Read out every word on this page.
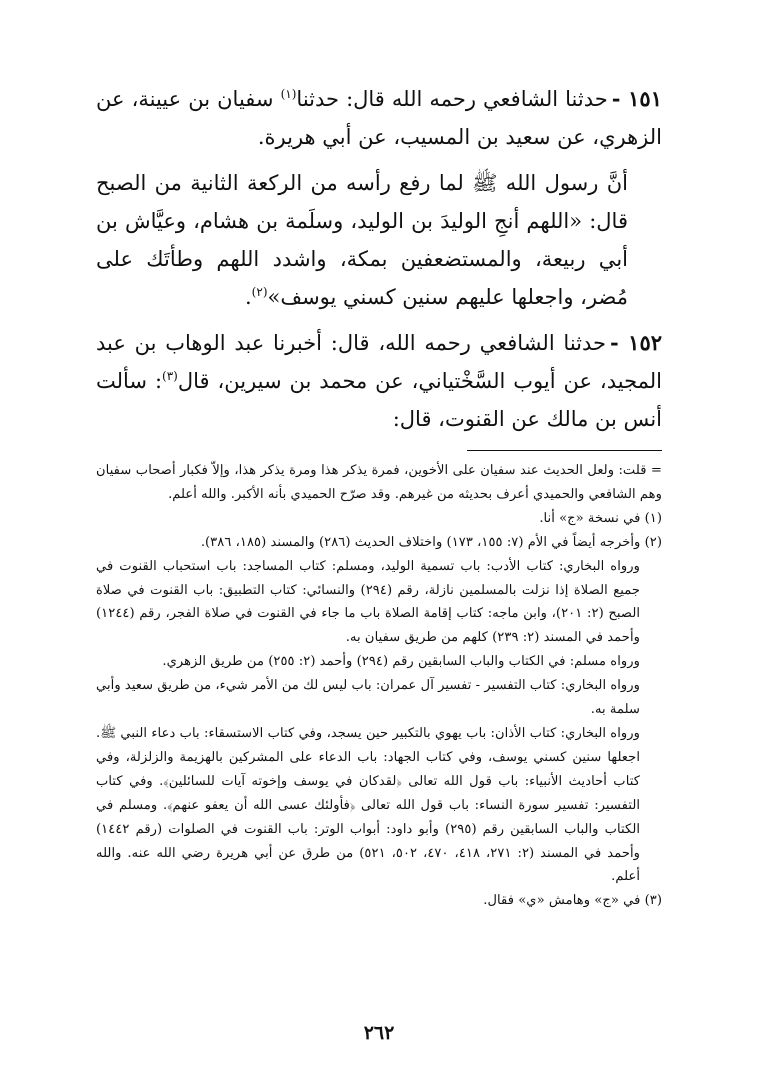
١٥١ -حدثنا الشافعي رحمه الله قال: حدثنا$^{(١)}$ سفيان بن عيينة، عن الزهري، عن سعيد بن المسيب، عن أبي هريرة.

أنَّ رسول الله ﷺ لما رفع رأسه من الركعة الثانية من الصبح قال: «اللهم أنجِ الوليدَ بن الوليد، وسلَمة بن هشام، وعيَّاش بن أبي ربيعة، والمستضعفين بمكة، واشدد اللهم وطأتَك على مُضر، واجعلها عليهم سنين كسني يوسف»$^{(٢)}$.

١٥٢ -حدثنا الشافعي رحمه الله، قال: أخبرنا عبد الوهاب بن عبد المجيد، عن أيوب السَّخْتياني، عن محمد بن سيرين، قال$^{(٣)}$: سألت أنس بن مالك عن القنوت، قال:

= قلت: ولعل الحديث عند سفيان على الأخوين، فمرة يذكر هذا ومرة يذكر هذا، وإلاّ فكبار أصحاب سفيان وهم الشافعي والحميدي أعرف بحديثه من غيرهم. وقد صرّح الحميدي بأنه الأكبر. والله أعلم.

(١) في نسخة «ج» أنا.

(٢) وأخرجه أيضاً في الأم (٧: ١٥٥، ١٧٣) واختلاف الحديث (٢٨٦) والمسند (١٨٥، ٣٨٦).

ورواه البخاري: كتاب الأدب: باب تسمية الوليد، ومسلم: كتاب المساجد: باب استحباب القنوت في جميع الصلاة إذا نزلت بالمسلمين نازلة، رقم (٢٩٤) والنسائي: كتاب التطبيق: باب القنوت في صلاة الصبح (٢: ٢٠١)، وابن ماجه: كتاب إقامة الصلاة باب ما جاء في القنوت في صلاة الفجر، رقم (١٢٤٤) وأحمد في المسند (٢: ٢٣٩) كلهم من طريق سفيان به.

ورواه مسلم: في الكتاب والباب السابقين رقم (٢٩٤) وأحمد (٢: ٢٥٥) من طريق الزهري.

ورواه البخاري: كتاب التفسير - تفسير آل عمران: باب ليس لك من الأمر شيء، من طريق سعيد وأبي سلمة به.

ورواه البخاري: كتاب الأذان: باب يهوي بالتكبير حين يسجد، وفي كتاب الاستسقاء: باب دعاء النبي ﷺ. اجعلها سنين كسني يوسف، وفي كتاب الجهاد: باب الدعاء على المشركين بالهزيمة والزلزلة، وفي كتاب أحاديث الأنبياء: باب قول الله تعالى ﴿لقدكان في يوسف وإخوته آيات للسائلين﴾. وفي كتاب التفسير: تفسير سورة النساء: باب قول الله تعالى ﴿فأولئك عسى الله أن يعفو عنهم﴾. ومسلم في الكتاب والباب السابقين رقم (٢٩٥) وأبو داود: أبواب الوتر: باب القنوت في الصلوات (رقم ١٤٤٢) وأحمد في المسند (٢: ٢٧١، ٤١٨، ٤٧٠، ٥٠٢، ٥٢١) من طرق عن أبي هريرة رضي الله عنه. والله أعلم.

(٣) في «ج» وهامش «ي» فقال.

٢٦٢
